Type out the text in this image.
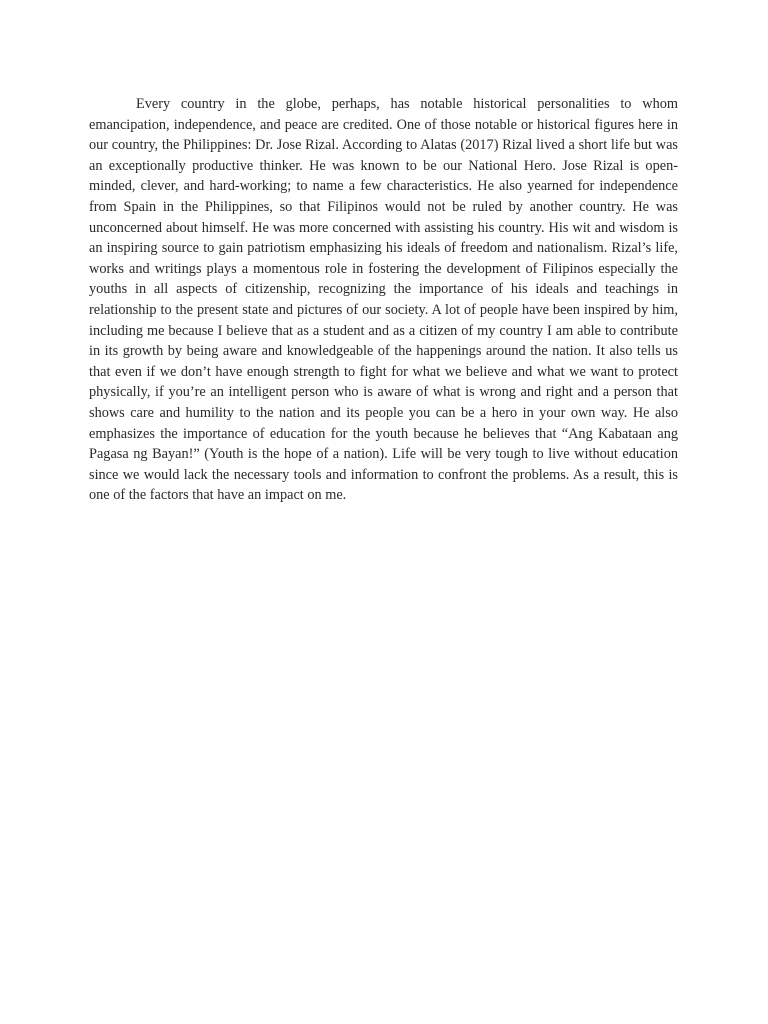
Every country in the globe, perhaps, has notable historical personalities to whom emancipation, independence, and peace are credited. One of those notable or historical figures here in our country, the Philippines: Dr. Jose Rizal. According to Alatas (2017) Rizal lived a short life but was an exceptionally productive thinker. He was known to be our National Hero. Jose Rizal is open-minded, clever, and hard-working; to name a few characteristics. He also yearned for independence from Spain in the Philippines, so that Filipinos would not be ruled by another country. He was unconcerned about himself. He was more concerned with assisting his country. His wit and wisdom is an inspiring source to gain patriotism emphasizing his ideals of freedom and nationalism. Rizal’s life, works and writings plays a momentous role in fostering the development of Filipinos especially the youths in all aspects of citizenship, recognizing the importance of his ideals and teachings in relationship to the present state and pictures of our society. A lot of people have been inspired by him, including me because I believe that as a student and as a citizen of my country I am able to contribute in its growth by being aware and knowledgeable of the happenings around the nation. It also tells us that even if we don’t have enough strength to fight for what we believe and what we want to protect physically, if you’re an intelligent person who is aware of what is wrong and right and a person that shows care and humility to the nation and its people you can be a hero in your own way. He also emphasizes the importance of education for the youth because he believes that “Ang Kabataan ang Pagasa ng Bayan!” (Youth is the hope of a nation). Life will be very tough to live without education since we would lack the necessary tools and information to confront the problems. As a result, this is one of the factors that have an impact on me.
